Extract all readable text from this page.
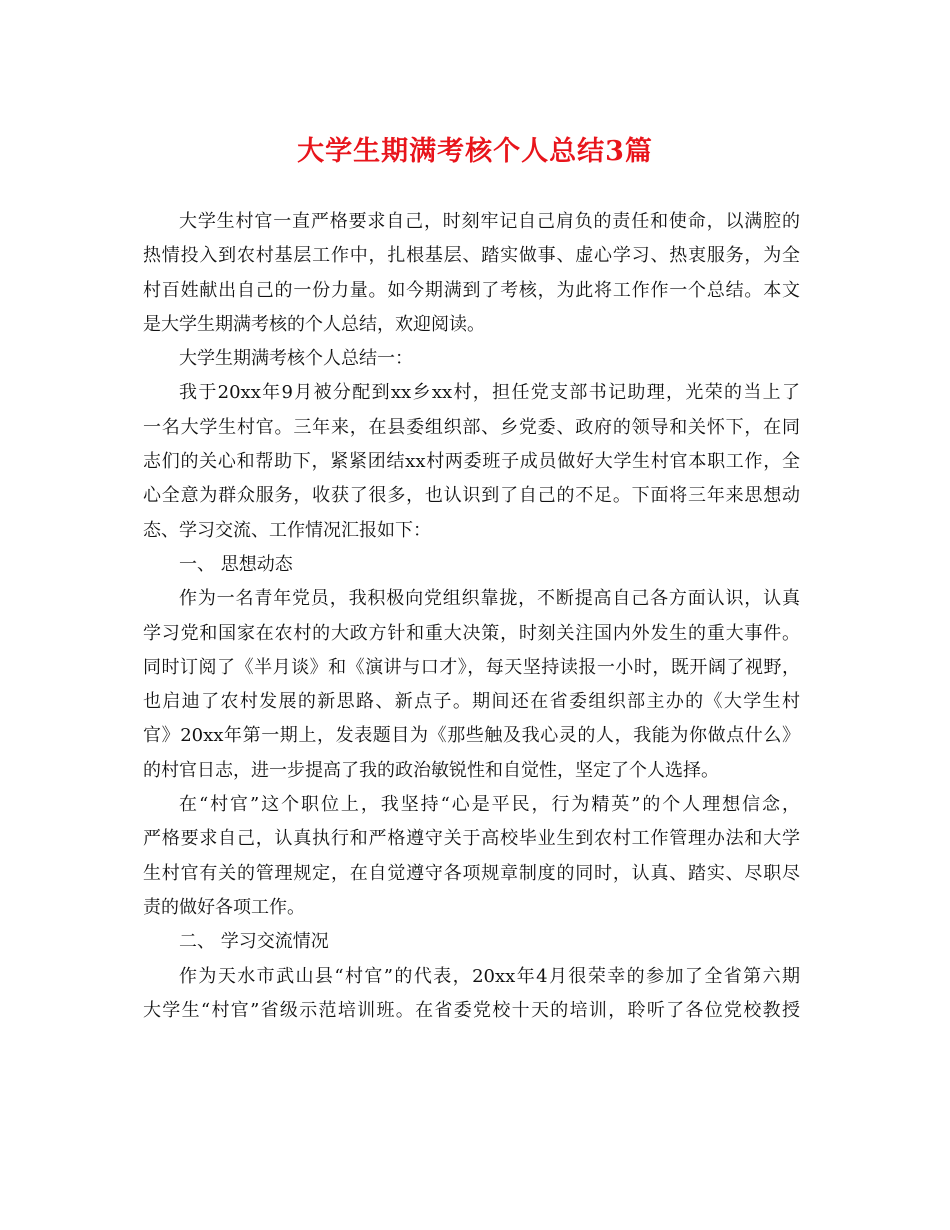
大学生期满考核个人总结3篇
大学生村官一直严格要求自己，时刻牢记自己肩负的责任和使命，以满腔的
热情投入到农村基层工作中，扎根基层、踏实做事、虚心学习、热衷服务，为全
村百姓献出自己的一份力量。如今期满到了考核，为此将工作作一个总结。本文
是大学生期满考核的个人总结，欢迎阅读。
大学生期满考核个人总结一：
我于20xx年9月被分配到xx乡xx村，担任党支部书记助理，光荣的当上了
一名大学生村官。三年来，在县委组织部、乡党委、政府的领导和关怀下，在同
志们的关心和帮助下，紧紧团结xx村两委班子成员做好大学生村官本职工作，全
心全意为群众服务，收获了很多，也认识到了自己的不足。下面将三年来思想动
态、学习交流、工作情况汇报如下：
一、 思想动态
作为一名青年党员，我积极向党组织靠拢，不断提高自己各方面认识，认真
学习党和国家在农村的大政方针和重大决策，时刻关注国内外发生的重大事件。
同时订阅了《半月谈》和《演讲与口才》，每天坚持读报一小时，既开阔了视野，
也启迪了农村发展的新思路、新点子。期间还在省委组织部主办的《大学生村
官》20xx年第一期上，发表题目为《那些触及我心灵的人，我能为你做点什么》
的村官日志，进一步提高了我的政治敏锐性和自觉性，坚定了个人选择。
在“村官”这个职位上，我坚持“心是平民，行为精英”的个人理想信念，
严格要求自己，认真执行和严格遵守关于高校毕业生到农村工作管理办法和大学
生村官有关的管理规定，在自觉遵守各项规章制度的同时，认真、踏实、尽职尽
责的做好各项工作。
二、 学习交流情况
作为天水市武山县“村官”的代表，20xx年4月很荣幸的参加了全省第六期
大学生“村官”省级示范培训班。在省委党校十天的培训，聆听了各位党校教授
